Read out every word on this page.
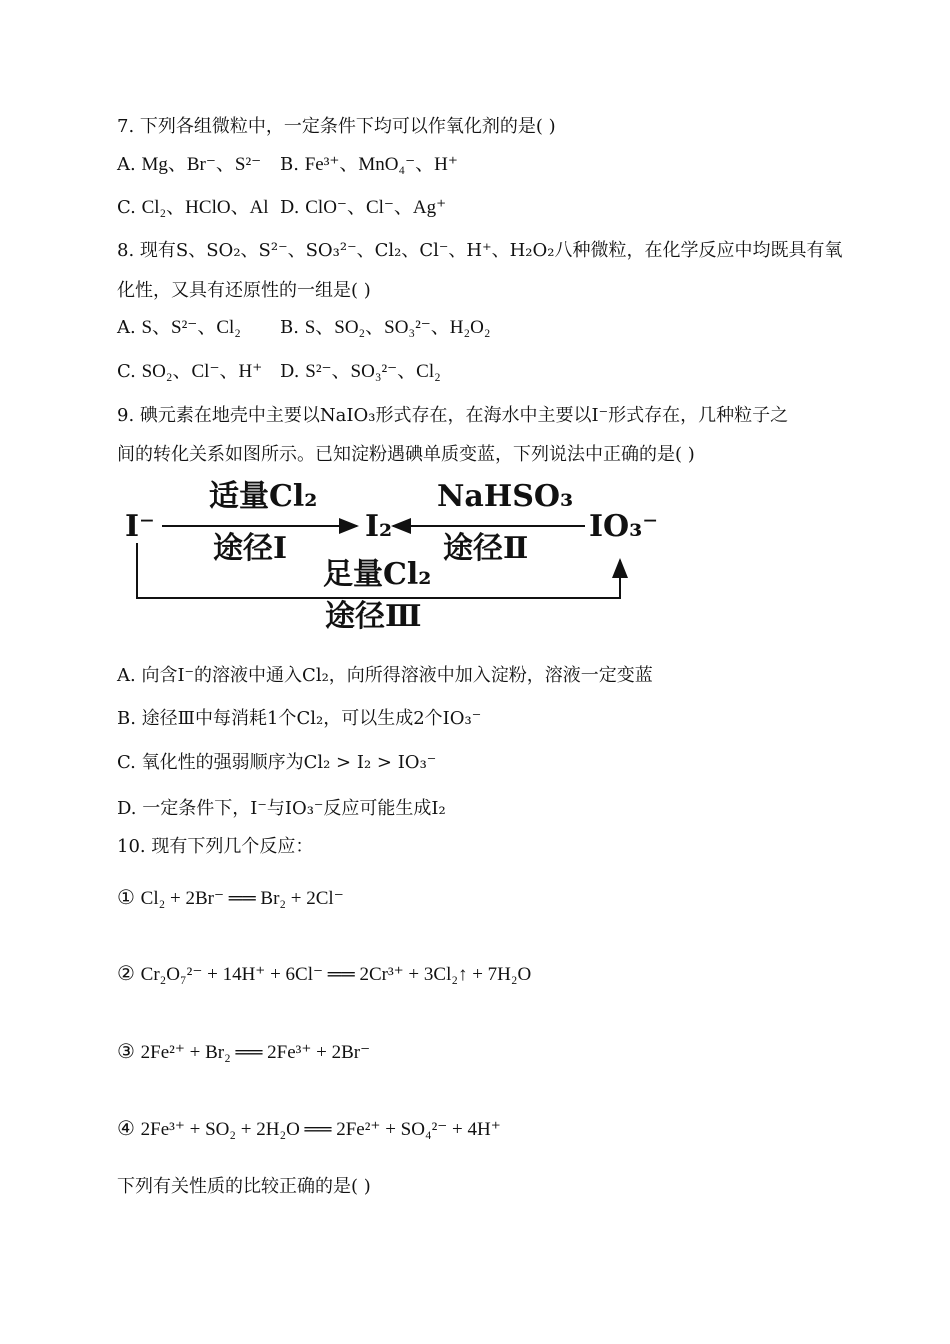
7. 下列各组微粒中，一定条件下均可以作氧化剂的是( )
A. Mg、Br⁻、S²⁻ B. Fe³⁺、MnO₄⁻、H⁺
C. Cl₂、HClO、Al D. ClO⁻、Cl⁻、Ag⁺
8. 现有S、SO₂、S²⁻、SO₃²⁻、Cl₂、Cl⁻、H⁺、H₂O₂八种微粒，在化学反应中均既具有氧
化性，又具有还原性的一组是( )
A. S、S²⁻、Cl₂ B. S、SO₂、SO₃²⁻、H₂O₂
C. SO₂、Cl⁻、H⁺ D. S²⁻、SO₃²⁻、Cl₂
9. 碘元素在地壳中主要以NaIO₃形式存在，在海水中主要以I⁻形式存在，几种粒子之
间的转化关系如图所示。已知淀粉遇碘单质变蓝，下列说法中正确的是( )
I⁻	I₂	IO₃⁻
适量Cl₂
途径Ⅰ
NaHSO₃
途径Ⅱ
足量Cl₂
途径Ⅲ
A. 向含I⁻的溶液中通入Cl₂，向所得溶液中加入淀粉，溶液一定变蓝
B. 途径Ⅲ中每消耗1个Cl₂，可以生成2个IO₃⁻
C. 氧化性的强弱顺序为Cl₂ > I₂ > IO₃⁻
D. 一定条件下，I⁻与IO₃⁻反应可能生成I₂
10. 现有下列几个反应：
① Cl₂ + 2Br⁻ ══ Br₂ + 2Cl⁻
② Cr₂O₇²⁻ + 14H⁺ + 6Cl⁻ ══ 2Cr³⁺ + 3Cl₂↑ + 7H₂O
③ 2Fe²⁺ + Br₂ ══ 2Fe³⁺ + 2Br⁻
④ 2Fe³⁺ + SO₂ + 2H₂O ══ 2Fe²⁺ + SO₄²⁻ + 4H⁺
下列有关性质的比较正确的是( )
